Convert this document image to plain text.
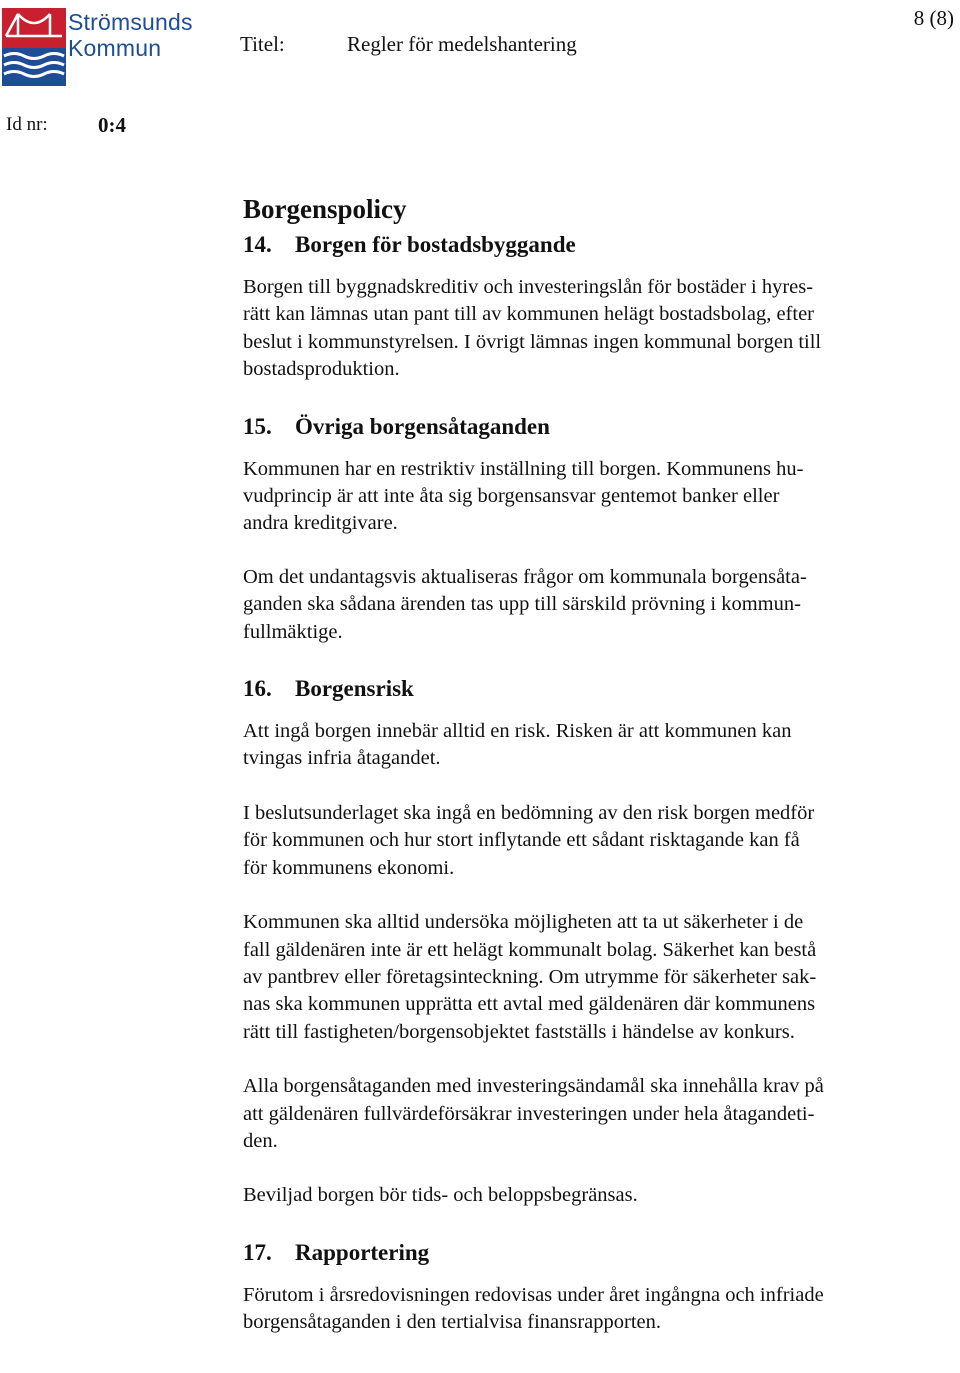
Strömsunds
Kommun	Titel:	Regler för medelshantering
8 (8)
Id nr: 0:4
Borgenspolicy
14.	Borgen för bostadsbyggande

Borgen till byggnadskreditiv och investeringslån för bostäder i hyres-
rätt kan lämnas utan pant till av kommunen helägt bostadsbolag, efter
beslut i kommunstyrelsen. I övrigt lämnas ingen kommunal borgen till
bostadsproduktion.

15.	Övriga borgensåtaganden

Kommunen har en restriktiv inställning till borgen. Kommunens hu-
vudprincip är att inte åta sig borgensansvar gentemot banker eller
andra kreditgivare.

Om det undantagsvis aktualiseras frågor om kommunala borgensåta-
ganden ska sådana ärenden tas upp till särskild prövning i kommun-
fullmäktige.

16.	Borgensrisk

Att ingå borgen innebär alltid en risk. Risken är att kommunen kan
tvingas infria åtagandet.

I beslutsunderlaget ska ingå en bedömning av den risk borgen medför
för kommunen och hur stort inflytande ett sådant risktagande kan få
för kommunens ekonomi.

Kommunen ska alltid undersöka möjligheten att ta ut säkerheter i de
fall gäldenären inte är ett helägt kommunalt bolag. Säkerhet kan bestå
av pantbrev eller företagsinteckning. Om utrymme för säkerheter sak-
nas ska kommunen upprätta ett avtal med gäldenären där kommunens
rätt till fastigheten/borgensobjektet fastställs i händelse av konkurs.

Alla borgensåtaganden med investeringsändamål ska innehålla krav på
att gäldenären fullvärdeförsäkrar investeringen under hela åtagandeti-
den.

Beviljad borgen bör tids- och beloppsbegränsas.

17.	Rapportering

Förutom i årsredovisningen redovisas under året ingångna och infriade
borgensåtaganden i den tertialvisa finansrapporten.
